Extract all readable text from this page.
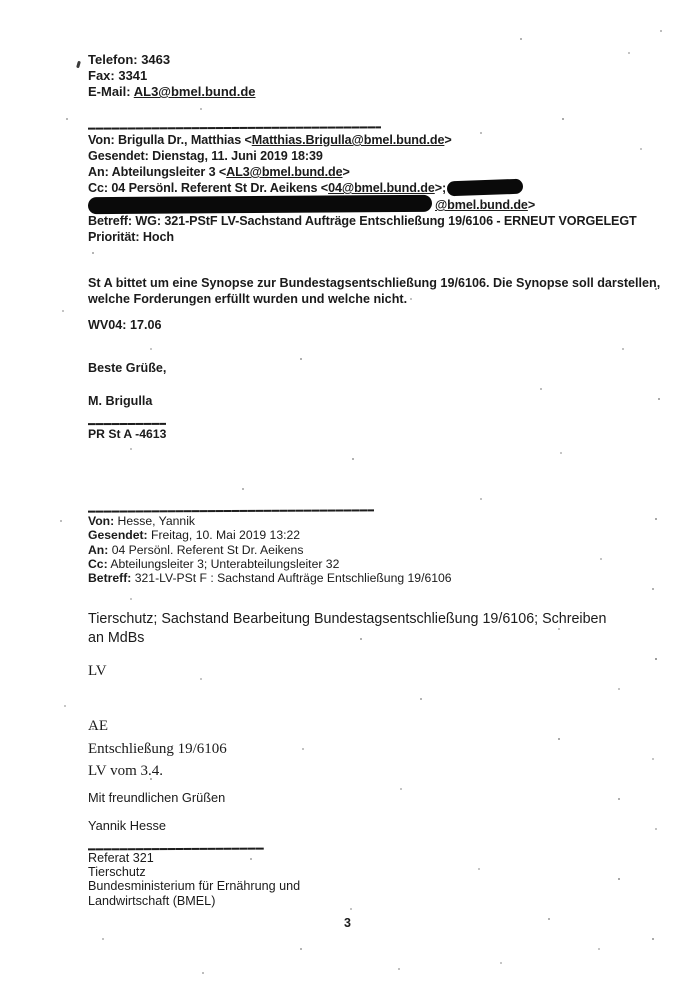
Telefon: 3463
Fax: 3341
E-Mail: AL3@bmel.bund.de
Von: Brigulla Dr., Matthias <Matthias.Brigulla@bmel.bund.de>
Gesendet: Dienstag, 11. Juni 2019 18:39
An: Abteilungsleiter 3 <AL3@bmel.bund.de>
Cc: 04 Persönl. Referent St Dr. Aeikens <04@bmel.bund.de>;
@bmel.bund.de>
Betreff: WG: 321-PStF LV-Sachstand Aufträge Entschließung 19/6106 - ERNEUT VORGELEGT
Priorität: Hoch
St A bittet um eine Synopse zur Bundestagsentschließung 19/6106. Die Synopse soll darstellen,
welche Forderungen erfüllt wurden und welche nicht.
WV04: 17.06
Beste Grüße,
M. Brigulla
PR St A -4613
Von: Hesse, Yannik
Gesendet: Freitag, 10. Mai 2019 13:22
An: 04 Persönl. Referent St Dr. Aeikens
Cc: Abteilungsleiter 3; Unterabteilungsleiter 32
Betreff: 321-LV-PSt F : Sachstand Aufträge Entschließung 19/6106
Tierschutz; Sachstand Bearbeitung Bundestagsentschließung 19/6106; Schreiben
an MdBs
LV
AE
Entschließung 19/6106
LV vom 3.4.
Mit freundlichen Grüßen
Yannik Hesse
Referat 321
Tierschutz
Bundesministerium für Ernährung und
Landwirtschaft (BMEL)
3
